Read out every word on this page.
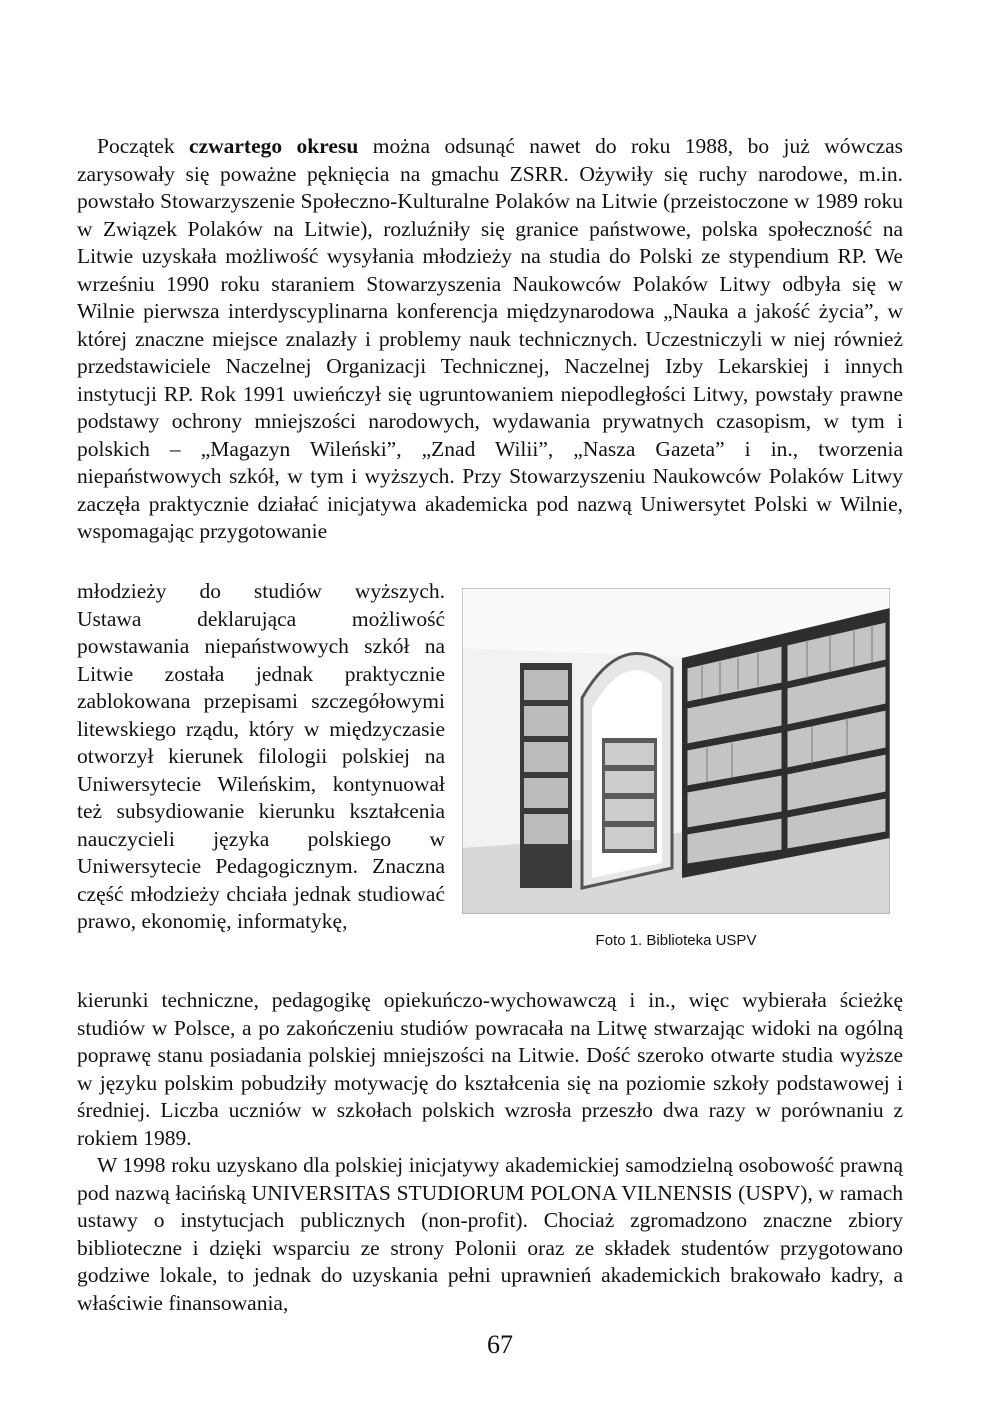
Początek czwartego okresu można odsunąć nawet do roku 1988, bo już wówczas zarysowały się poważne pęknięcia na gmachu ZSRR. Ożywiły się ruchy narodowe, m.in. powstało Stowarzyszenie Społeczno-Kulturalne Polaków na Litwie (przeistoczone w 1989 roku w Związek Polaków na Litwie), rozluźniły się granice państwowe, polska społeczność na Litwie uzyskała możliwość wysyłania młodzieży na studia do Polski ze stypendium RP. We wrześniu 1990 roku staraniem Stowarzyszenia Naukowców Polaków Litwy odbyła się w Wilnie pierwsza interdyscyplinarna konferencja międzynarodowa „Nauka a jakość życia”, w której znaczne miejsce znalazły i problemy nauk technicznych. Uczestniczyli w niej również przedstawiciele Naczelnej Organizacji Technicznej, Naczelnej Izby Lekarskiej i innych instytucji RP. Rok 1991 uwieńczył się ugruntowaniem niepodległości Litwy, powstały prawne podstawy ochrony mniejszości narodowych, wydawania prywatnych czasopism, w tym i polskich – „Magazyn Wileński”, „Znad Wilii”, „Nasza Gazeta” i in., tworzenia niepaństwowych szkół, w tym i wyższych. Przy Stowarzyszeniu Naukowców Polaków Litwy zaczęła praktycznie działać inicjatywa akademicka pod nazwą Uniwersytet Polski w Wilnie, wspomagając przygotowanie

młodzieży do studiów wyższych.
Ustawa deklarująca możliwość powstawania niepaństwowych szkół na Litwie została jednak praktycznie zablokowana przepisami szczegółowymi litewskiego rządu, który w międzyczasie otworzył kierunek filologii polskiej na Uniwersytecie Wileńskim, kontynuował też subsydiowanie kierunku kształcenia nauczycieli języka polskiego w Uniwersytecie Pedagogicznym. Znaczna część młodzieży chciała jednak studiować prawo, ekonomię, informatykę,

Foto 1. Biblioteka USPV

kierunki techniczne, pedagogikę opiekuńczo-wychowawczą i in., więc wybierała ścieżkę studiów w Polsce, a po zakończeniu studiów powracała na Litwę stwarzając widoki na ogólną poprawę stanu posiadania polskiej mniejszości na Litwie. Dość szeroko otwarte studia wyższe w języku polskim pobudziły motywację do kształcenia się na poziomie szkoły podstawowej i średniej. Liczba uczniów w szkołach polskich wzrosła przeszło dwa razy w porównaniu z rokiem 1989.

W 1998 roku uzyskano dla polskiej inicjatywy akademickiej samodzielną osobowość prawną pod nazwą łacińską UNIVERSITAS STUDIORUM POLONA VILNENSIS (USPV), w ramach ustawy o instytucjach publicznych (non-profit). Chociaż zgromadzono znaczne zbiory biblioteczne i dzięki wsparciu ze strony Polonii oraz ze składek studentów przygotowano godziwe lokale, to jednak do uzyskania pełni uprawnień akademickich brakowało kadry, a właściwie finansowania,

67
